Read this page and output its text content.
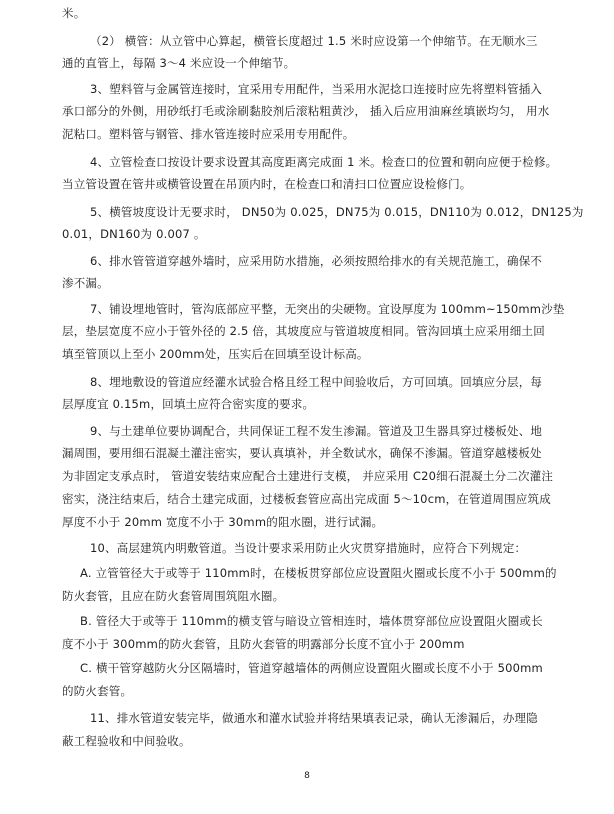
米。
（2） 横管：从立管中心算起，横管长度超过 1.5 米时应设第一个伸缩节。在无顺水三
通的直管上，每隔 3～4 米应设一个伸缩节。
3、塑料管与金属管连接时，宜采用专用配件，当采用水泥捻口连接时应先将塑料管插入
承口部分的外侧，用砂纸打毛或涂刷黏胶剂后滚粘粗黄沙， 插入后应用油麻丝填嵌均匀， 用水
泥粘口。塑料管与钢管、排水管连接时应采用专用配件。
4、立管检查口按设计要求设置其高度距离完成面 1 米。检查口的位置和朝向应便于检修。
当立管设置在管井或横管设置在吊顶内时，在检查口和清扫口位置应设检修门。
5、横管坡度设计无要求时， DN50为 0.025，DN75为 0.015，DN110为 0.012，DN125为
0.01，DN160为 0.007 。
6、排水管管道穿越外墙时，应采用防水措施，必须按照给排水的有关规范施工，确保不
渗不漏。
7、铺设埋地管时，管沟底部应平整，无突出的尖硬物。宜设厚度为 100mm~150mm沙垫
层，垫层宽度不应小于管外径的 2.5 倍，其坡度应与管道坡度相同。管沟回填土应采用细土回
填至管顶以上至小 200mm处，压实后在回填至设计标高。
8、埋地敷设的管道应经灌水试验合格且经工程中间验收后，方可回填。回填应分层，每
层厚度宜 0.15m，回填土应符合密实度的要求。
9、与土建单位要协调配合，共同保证工程不发生渗漏。管道及卫生器具穿过楼板处、地
漏周围，要用细石混凝土灌注密实，要认真填补，并全数试水，确保不渗漏。管道穿越楼板处
为非固定支承点时， 管道安装结束应配合土建进行支模， 并应采用 C20细石混凝土分二次灌注
密实，浇注结束后，结合土建完成面，过楼板套管应高出完成面 5～10cm，在管道周围应筑成
厚度不小于 20mm 宽度不小于 30mm的阻水圈，进行试漏。
10、高层建筑内明敷管道。当设计要求采用防止火灾贯穿措施时，应符合下列规定：
A. 立管管径大于或等于 110mm时，在楼板贯穿部位应设置阻火圈或长度不小于 500mm的
防火套管，且应在防火套管周围筑阻水圈。
B. 管径大于或等于 110mm的横支管与暗设立管相连时，墙体贯穿部位应设置阻火圈或长
度不小于 300mm的防火套管，且防火套管的明露部分长度不宜小于 200mm
C. 横干管穿越防火分区隔墙时，管道穿越墙体的两侧应设置阻火圈或长度不小于 500mm
的防火套管。
11、排水管道安装完毕，做通水和灌水试验并将结果填表记录，确认无渗漏后，办理隐
蔽工程验收和中间验收。
8
